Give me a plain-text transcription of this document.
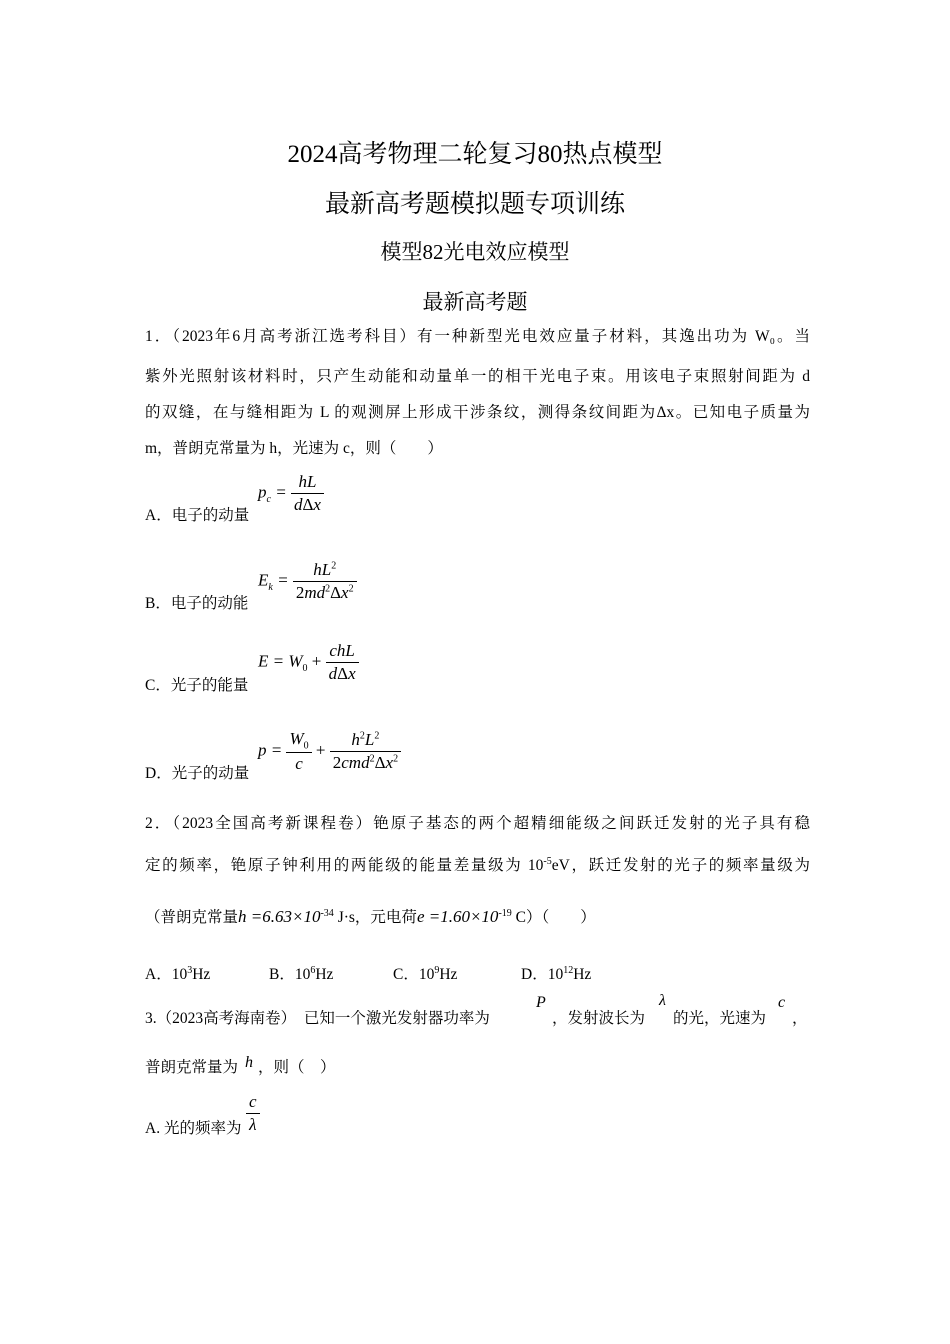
2024高考物理二轮复习80热点模型
最新高考题模拟题专项训练
模型82光电效应模型
最新高考题
1．（2023年6月高考浙江选考科目）有一种新型光电效应量子材料，其逸出功为 W₀。当
紫外光照射该材料时，只产生动能和动量单一的相干光电子束。用该电子束照射间距为 d
的双缝，在与缝相距为 L 的观测屏上形成干涉条纹，测得条纹间距为Δx。已知电子质量为
m，普朗克常量为 h，光速为 c，则（　　）
A．电子的动量
$p_c = \frac{hL}{\text{dΔx}}$
B．电子的动能
$E_k = \frac{hL^2}{2md^2\Delta x^2}$
C．光子的能量
$E = W_0 + \frac{\text{chL}}{\text{dΔx}}$
D．光子的动量
$p = \frac{W_0}{c} + \frac{h^2L^2}{2cmd^2\Delta x^2}$
2．（2023全国高考新课程卷）铯原子基态的两个超精细能级之间跃迁发射的光子具有稳
定的频率，铯原子钟利用的两能级的能量差量级为 $10^{-5}eV$，跃迁发射的光子的频率量级为
（普朗克常量$h =6.63\times 10^{-34}$ J·s，元电荷$e =1.60\times 10^{-19}$ C）（　　）
A．$10^3Hz$	B．$10^6Hz$	C．$10^9Hz$	D．$10^{12}Hz$
3.（2023高考海南卷）　已知一个激光发射器功率为
P
，发射波长为
λ
的光，光速为
c
，
普朗克常量为 h ，则（　）
A. 光的频率为 $\frac{c}{\lambda}$
